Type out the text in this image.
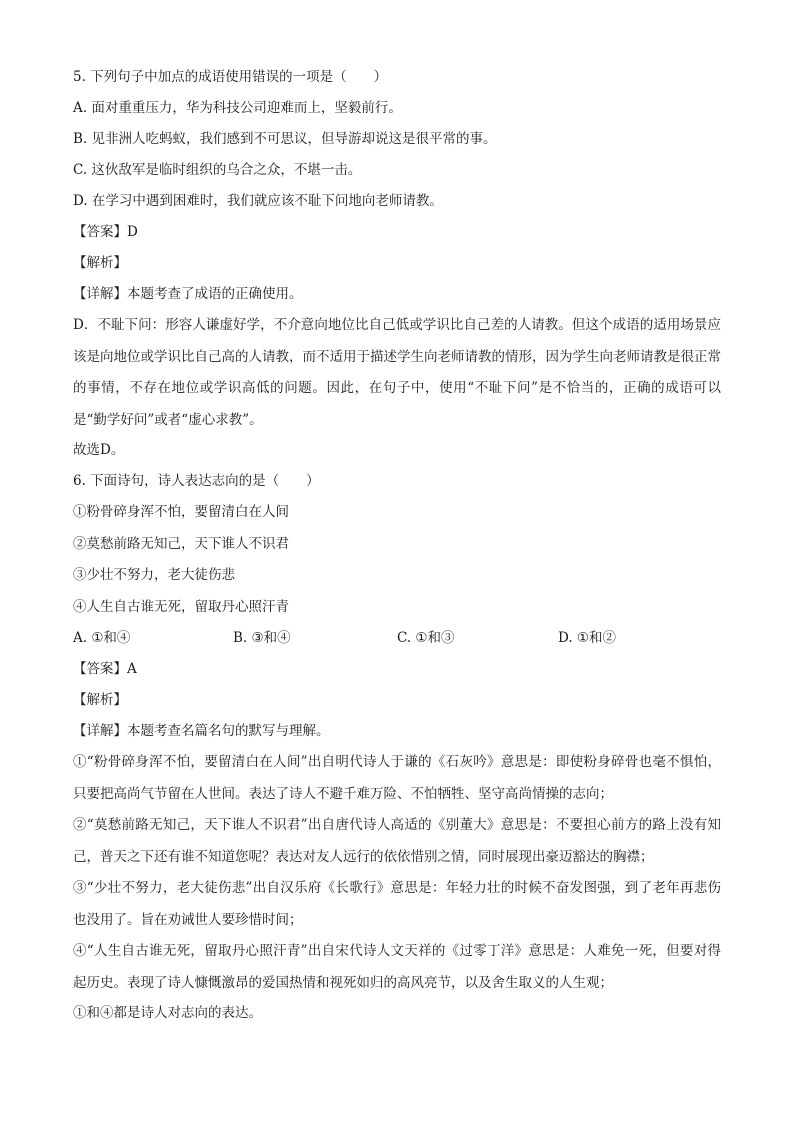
5. 下列句子中加点的成语使用错误的一项是（　　）
A. 面对重重压力，华为科技公司迎难而上，坚毅前行。
B. 见非洲人吃蚂蚁，我们感到不可思议，但导游却说这是很平常的事。
C. 这伙敌军是临时组织的乌合之众，不堪一击。
D. 在学习中遇到困难时，我们就应该不耻下问地向老师请教。
【答案】D
【解析】
【详解】本题考查了成语的正确使用。
D．不耻下问：形容人谦虚好学，不介意向地位比自己低或学识比自己差的人请教。但这个成语的适用场景应该是向地位或学识比自己高的人请教，而不适用于描述学生向老师请教的情形，因为学生向老师请教是很正常的事情，不存在地位或学识高低的问题。因此，在句子中，使用“不耻下问”是不恰当的，正确的成语可以是“勤学好问”或者“虚心求教”。
故选D。
6. 下面诗句，诗人表达志向的是（　　）
①粉骨碎身浑不怕，要留清白在人间
②莫愁前路无知己，天下谁人不识君
③少壮不努力，老大徒伤悲
④人生自古谁无死，留取丹心照汗青
A. ①和④	B. ③和④	C. ①和③	D. ①和②
【答案】A
【解析】
【详解】本题考查名篇名句的默写与理解。
①“粉骨碎身浑不怕，要留清白在人间”出自明代诗人于谦的《石灰吟》意思是：即使粉身碎骨也毫不惧怕，只要把高尚气节留在人世间。表达了诗人不避千难万险、不怕牺牲、坚守高尚情操的志向；
②“莫愁前路无知己，天下谁人不识君”出自唐代诗人高适的《别董大》意思是：不要担心前方的路上没有知己，普天之下还有谁不知道您呢？表达对友人远行的依依惜别之情，同时展现出豪迈豁达的胸襟；
③“少壮不努力，老大徒伤悲”出自汉乐府《长歌行》意思是：年轻力壮的时候不奋发图强，到了老年再悲伤也没用了。旨在劝诫世人要珍惜时间；
④“人生自古谁无死，留取丹心照汗青”出自宋代诗人文天祥的《过零丁洋》意思是：人难免一死，但要对得起历史。表现了诗人慷慨激昂的爱国热情和视死如归的高风亮节，以及舍生取义的人生观；
①和④都是诗人对志向的表达。
